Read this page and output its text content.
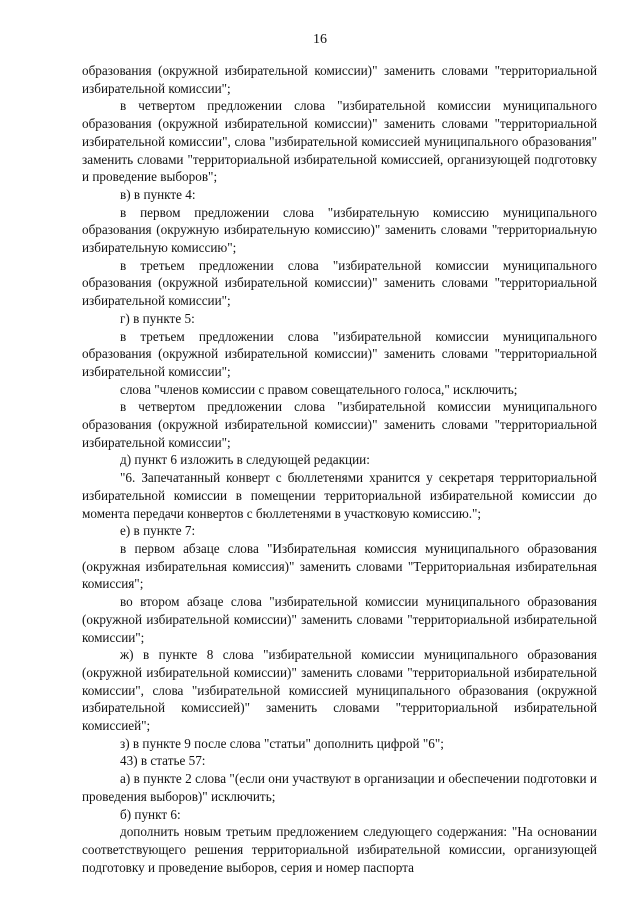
16

образования (окружной избирательной комиссии)" заменить словами "территориальной избирательной комиссии";

в четвертом предложении слова "избирательной комиссии муниципального образования (окружной избирательной комиссии)" заменить словами "территориальной избирательной комиссии", слова "избирательной комиссией муниципального образования" заменить словами "территориальной избирательной комиссией, организующей подготовку и проведение выборов";

в) в пункте 4:

в первом предложении слова "избирательную комиссию муниципального образования (окружную избирательную комиссию)" заменить словами "территориальную избирательную комиссию";

в третьем предложении слова "избирательной комиссии муниципального образования (окружной избирательной комиссии)" заменить словами "территориальной избирательной комиссии";

г) в пункте 5:

в третьем предложении слова "избирательной комиссии муниципального образования (окружной избирательной комиссии)" заменить словами "территориальной избирательной комиссии";

слова "членов комиссии с правом совещательного голоса," исключить;

в четвертом предложении слова "избирательной комиссии муниципального образования (окружной избирательной комиссии)" заменить словами "территориальной избирательной комиссии";

д) пункт 6 изложить в следующей редакции:

"6. Запечатанный конверт с бюллетенями хранится у секретаря территориальной избирательной комиссии в помещении территориальной избирательной комиссии до момента передачи конвертов с бюллетенями в участковую комиссию.";

е) в пункте 7:

в первом абзаце слова "Избирательная комиссия муниципального образования (окружная избирательная комиссия)" заменить словами "Территориальная избирательная комиссия";

во втором абзаце слова "избирательной комиссии муниципального образования (окружной избирательной комиссии)" заменить словами "территориальной избирательной комиссии";

ж) в пункте 8 слова "избирательной комиссии муниципального образования (окружной избирательной комиссии)" заменить словами "территориальной избирательной комиссии", слова "избирательной комиссией муниципального образования (окружной избирательной комиссией)" заменить словами "территориальной избирательной комиссией";

з) в пункте 9 после слова "статьи" дополнить цифрой "6";

43) в статье 57:

а) в пункте 2 слова "(если они участвуют в организации и обеспечении подготовки и проведения выборов)" исключить;

б) пункт 6:

дополнить новым третьим предложением следующего содержания: "На основании соответствующего решения территориальной избирательной комиссии, организующей подготовку и проведение выборов, серия и номер паспорта
